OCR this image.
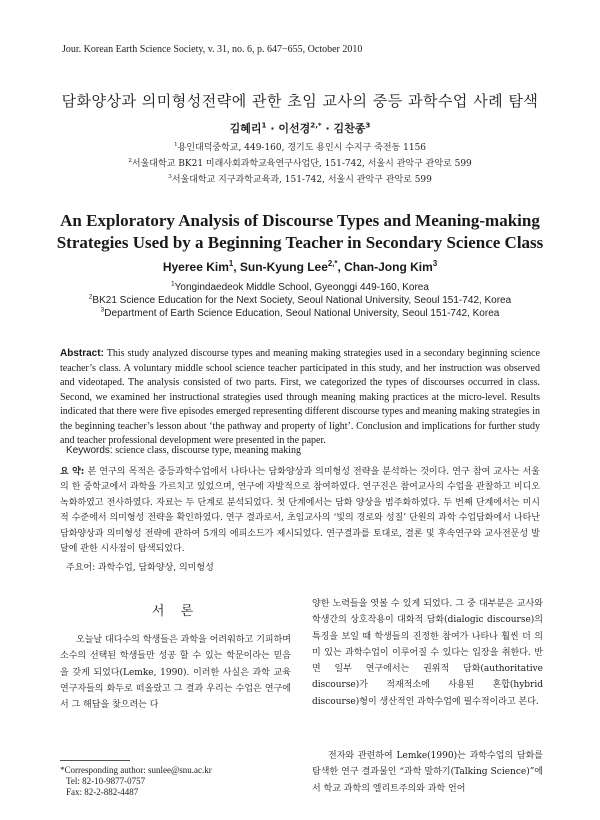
Jour. Korean Earth Science Society, v. 31, no. 6, p. 647−655, October 2010
담화양상과 의미형성전략에 관한 초임 교사의 중등 과학수업 사례 탐색
김혜리$^1$ · 이선경$^{2,*}$ · 김찬종$^3$
$^1$용인대덕중학교, 449-160, 경기도 용인시 수지구 죽전동 1156
$^2$서울대학교 BK21 미래사회과학교육연구사업단, 151-742, 서울시 관악구 관악로 599
$^3$서울대학교 지구과학교육과, 151-742, 서울시 관악구 관악로 599
An Exploratory Analysis of Discourse Types and Meaning-making
Strategies Used by a Beginning Teacher in Secondary Science Class
Hyeree Kim$^1$, Sun-Kyung Lee$^{2,*}$, Chan-Jong Kim$^3$
$^1$Yongindaedeok Middle School, Gyeonggi 449-160, Korea
$^2$BK21 Science Education for the Next Society, Seoul National University, Seoul 151-742, Korea
$^3$Department of Earth Science Education, Seoul National University, Seoul 151-742, Korea
Abstract: This study analyzed discourse types and meaning making strategies used in a secondary beginning science teacher’s class. A voluntary middle school science teacher participated in this study, and her instruction was observed and videotaped. The analysis consisted of two parts. First, we categorized the types of discourses occurred in class. Second, we examined her instructional strategies used through meaning making practices at the micro-level. Results indicated that there were five episodes emerged representing different discourse types and meaning making strategies in the beginning teacher’s lesson about ‘the pathway and property of light’. Conclusion and implications for further study and teacher professional development were presented in the paper.
Keywords: science class, discourse type, meaning making
요 약: 본 연구의 목적은 중등과학수업에서 나타나는 담화양상과 의미형성 전략을 분석하는 것이다. 연구 참여 교사는 서울의 한 중학교에서 과학을 가르치고 있었으며, 연구에 자발적으로 참여하였다. 연구진은 참여교사의 수업을 관찰하고 비디오 녹화하였고 전사하였다. 자료는 두 단계로 분석되었다. 첫 단계에서는 담화 양상을 범주화하였다. 두 번째 단계에서는 미시적 수준에서 의미형성 전략을 확인하였다. 연구 결과로서, 초임교사의 ‘빛의 경로와 성질’ 단원의 과학 수업담화에서 나타난 담화양상과 의미형성 전략에 관하여 5개의 에피소드가 제시되었다. 연구결과를 토대로, 결론 및 후속연구와 교사전문성 발달에 관한 시사점이 탐색되었다.
주요어: 과학수업, 담화양상, 의미형성
서 론
오늘날 대다수의 학생들은 과학을 어려워하고 기피하며 소수의 선택된 학생들만 성공 할 수 있는 학문이라는 믿음을 갖게 되었다(Lemke, 1990). 이러한 사실은 과학 교육 연구자들의 화두로 떠올랐고 그 결과 우리는 수업은 연구에서 그 해답을 찾으려는 다
양한 노력들을 엿볼 수 있게 되었다. 그 중 대부분은 교사와 학생간의 상호작용이 대화적 담화(dialogic discourse)의 특징을 보일 때 학생들의 진정한 참여가 나타나 훨씬 더 의미 있는 과학수업이 이루어질 수 있다는 입장을 취한다. 반면 일부 연구에서는 권위적 담화(authoritative discourse)가 적재적소에 사용된 혼합(hybrid discourse)형이 생산적인 과학수업에 필수적이라고 본다.
전자와 관련하여 Lemke(1990)는 과학수업의 담화를 탐색한 연구 결과물인 “과학 말하기(Talking Science)”에서 학교 과학의 엘리트주의와 과학 언어
*Corresponding author: sunlee@snu.ac.kr
Tel: 82-10-9877-0757
Fax: 82-2-882-4487
